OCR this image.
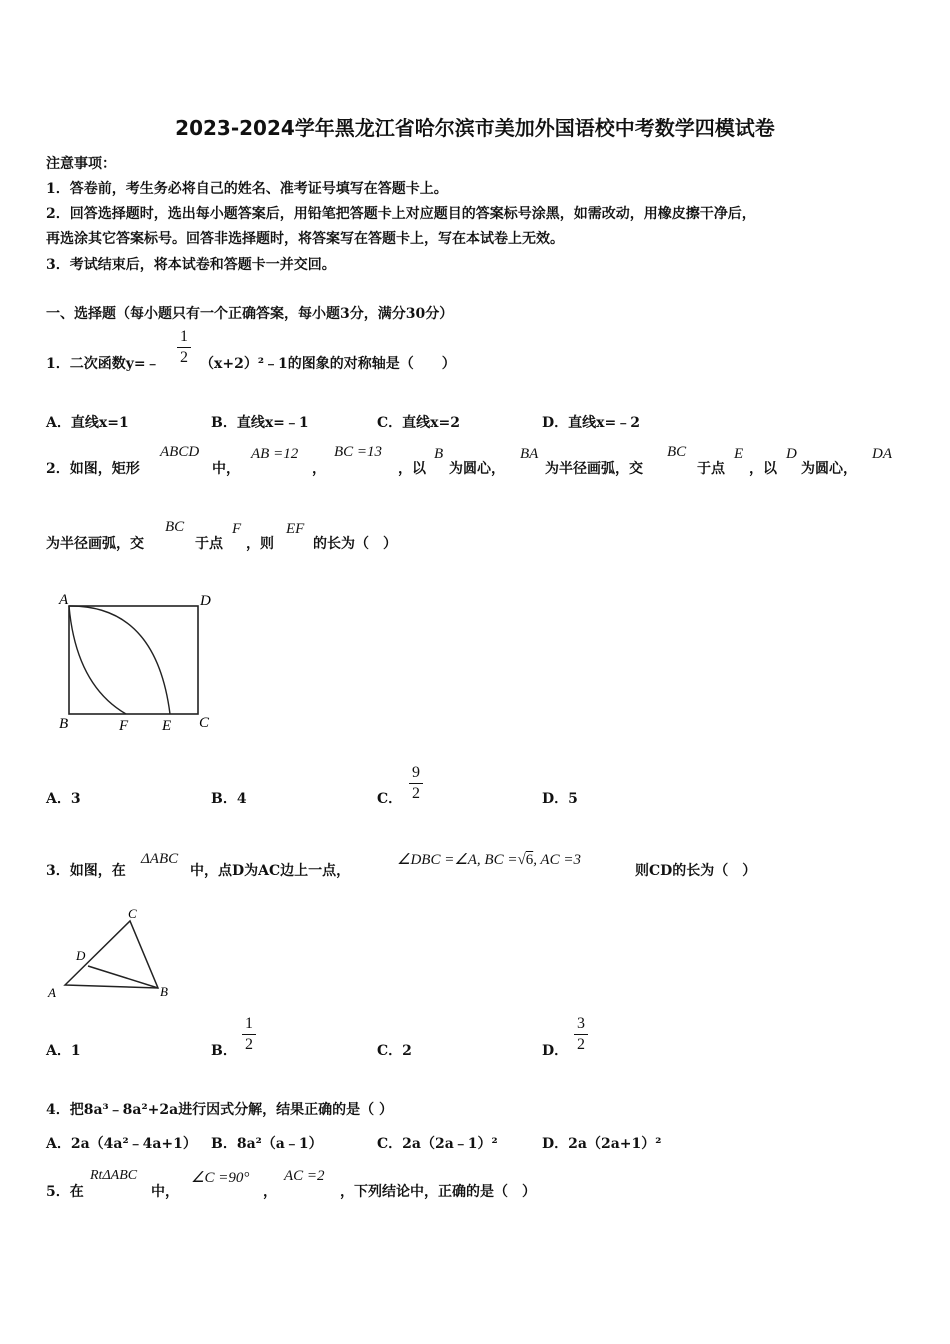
2023-2024学年黑龙江省哈尔滨市美加外国语校中考数学四模试卷
注意事项：
1．答卷前，考生务必将自己的姓名、准考证号填写在答题卡上。
2．回答选择题时，选出每小题答案后，用铅笔把答题卡上对应题目的答案标号涂黑，如需改动，用橡皮擦干净后，
再选涂其它答案标号。回答非选择题时，将答案写在答题卡上，写在本试卷上无效。
3．考试结束后，将本试卷和答题卡一并交回。
一、选择题（每小题只有一个正确答案，每小题3分，满分30分）
1．二次函数y=﹣
1
2 （x+2）²﹣1的图象的对称轴是（　　）
A．直线x=1	B．直线x=﹣1	C．直线x=2	D．直线x=﹣2
2．如图，矩形
ABCD
中，
AB =12
，
BC =13
，以
B
为圆心，
BA
为半径画弧，交
BC
于点
E
，以
D
为圆心，
DA
为半径画弧，交
BC
于点
F
，则
EF
的长为（　）
A	D
B	F E C
A．3	B．4	C．
9
2	D．5
3．如图，在
ΔABC
中，点D为AC边上一点，
∠DBC =∠A, BC =√6, AC =3
则CD的长为（　）
C
D
A	B
A．1	B．
1
2	C．2	D．
3
2
4．把8a³﹣8a²+2a进行因式分解，结果正确的是（ ）
A．2a（4a²﹣4a+1） B．8a²（a﹣1）	C．2a（2a﹣1）²	D．2a（2a+1）²
5．在
RtΔABC
中，
∠C =90°
，
AC =2
，下列结论中，正确的是（　）
